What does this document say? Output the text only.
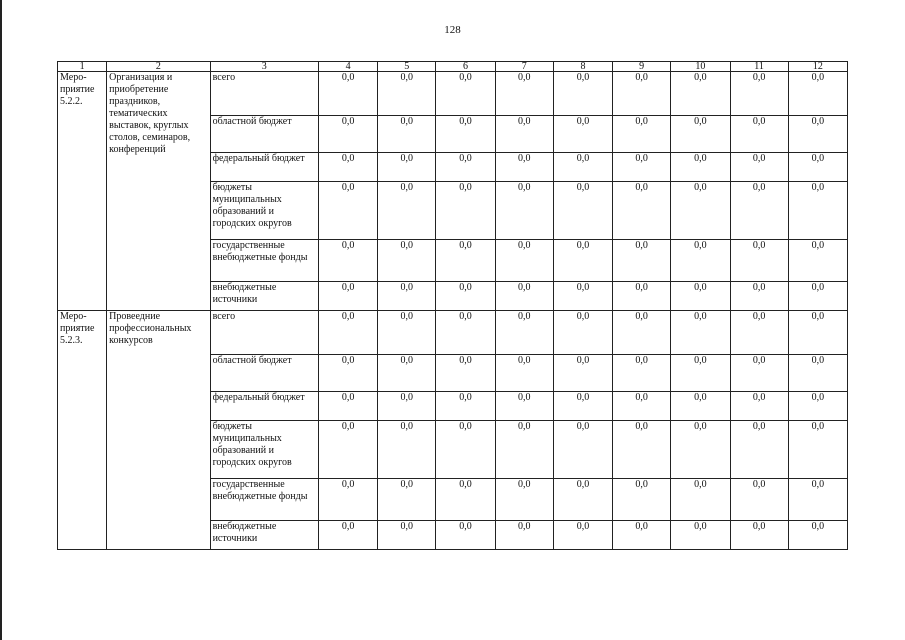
128
1	2	3	4	5	6	7	8	9	10	11	12

Меро-
приятие
5.2.2.	Организация и приобретение праздников, тематических выставок, круглых столов, семинаров, конференций	всего	0,0	0,0	0,0	0,0	0,0	0,0	0,0	0,0	0,0
		областной бюджет	0,0	0,0	0,0	0,0	0,0	0,0	0,0	0,0	0,0
		федеральный бюджет	0,0	0,0	0,0	0,0	0,0	0,0	0,0	0,0	0,0
		бюджеты муниципальных образований и городских округов	0,0	0,0	0,0	0,0	0,0	0,0	0,0	0,0	0,0
		государственные внебюджетные фонды	0,0	0,0	0,0	0,0	0,0	0,0	0,0	0,0	0,0
		внебюджетные источники	0,0	0,0	0,0	0,0	0,0	0,0	0,0	0,0	0,0

Меро-
приятие
5.2.3.	Провеедние профессиональных конкурсов	всего	0,0	0,0	0,0	0,0	0,0	0,0	0,0	0,0	0,0
		областной бюджет	0,0	0,0	0,0	0,0	0,0	0,0	0,0	0,0	0,0
		федеральный бюджет	0,0	0,0	0,0	0,0	0,0	0,0	0,0	0,0	0,0
		бюджеты муниципальных образований и городских округов	0,0	0,0	0,0	0,0	0,0	0,0	0,0	0,0	0,0
		государственные внебюджетные фонды	0,0	0,0	0,0	0,0	0,0	0,0	0,0	0,0	0,0
		внебюджетные источники	0,0	0,0	0,0	0,0	0,0	0,0	0,0	0,0	0,0
